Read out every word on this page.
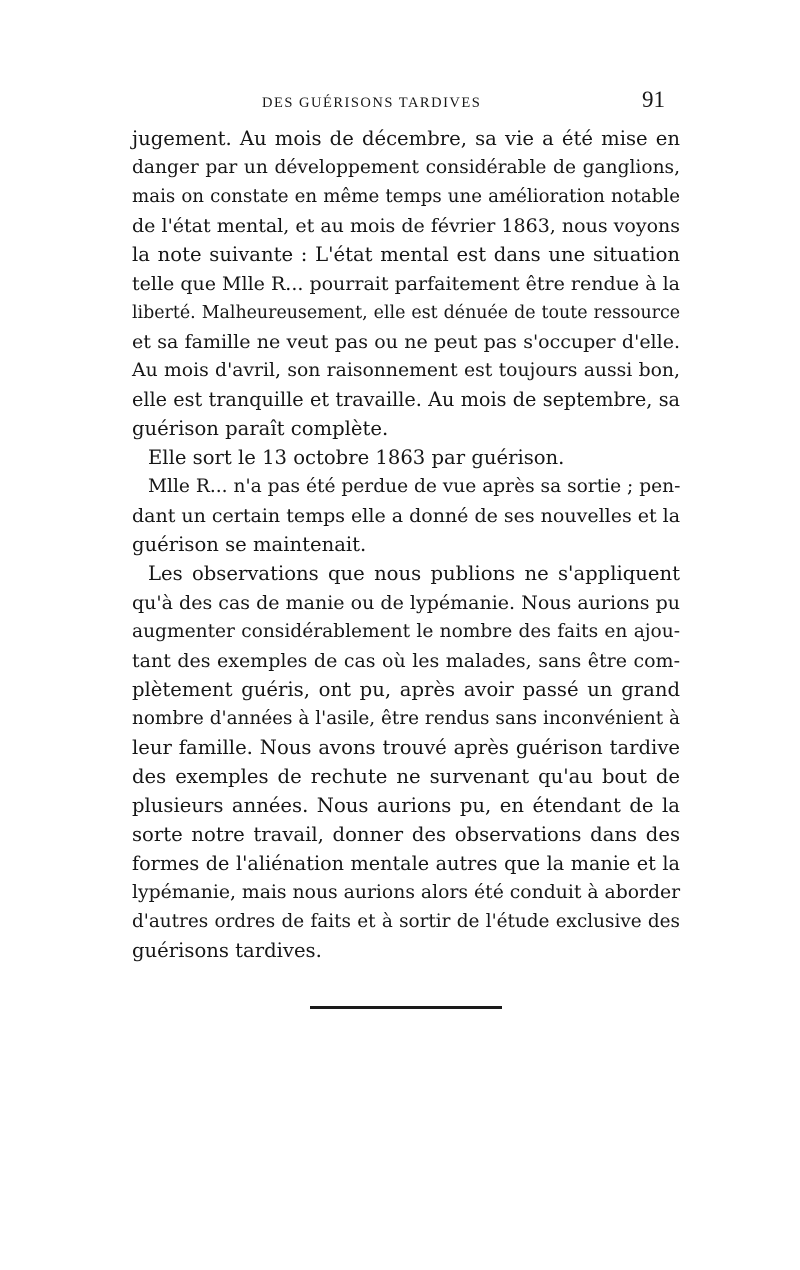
DES GUÉRISONS TARDIVES	91
jugement. Au mois de décembre, sa vie a été mise en
danger par un développement considérable de ganglions,
mais on constate en même temps une amélioration notable
de l'état mental, et au mois de février 1863, nous voyons
la note suivante : L'état mental est dans une situation
telle que Mlle R... pourrait parfaitement être rendue à la
liberté. Malheureusement, elle est dénuée de toute ressource
et sa famille ne veut pas ou ne peut pas s'occuper d'elle.
Au mois d'avril, son raisonnement est toujours aussi bon,
elle est tranquille et travaille. Au mois de septembre, sa
guérison paraît complète.
Elle sort le 13 octobre 1863 par guérison.
Mlle R... n'a pas été perdue de vue après sa sortie ; pen-
dant un certain temps elle a donné de ses nouvelles et la
guérison se maintenait.
Les observations que nous publions ne s'appliquent
qu'à des cas de manie ou de lypémanie. Nous aurions pu
augmenter considérablement le nombre des faits en ajou-
tant des exemples de cas où les malades, sans être com-
plètement guéris, ont pu, après avoir passé un grand
nombre d'années à l'asile, être rendus sans inconvénient à
leur famille. Nous avons trouvé après guérison tardive
des exemples de rechute ne survenant qu'au bout de
plusieurs années. Nous aurions pu, en étendant de la
sorte notre travail, donner des observations dans des
formes de l'aliénation mentale autres que la manie et la
lypémanie, mais nous aurions alors été conduit à aborder
d'autres ordres de faits et à sortir de l'étude exclusive des
guérisons tardives.
